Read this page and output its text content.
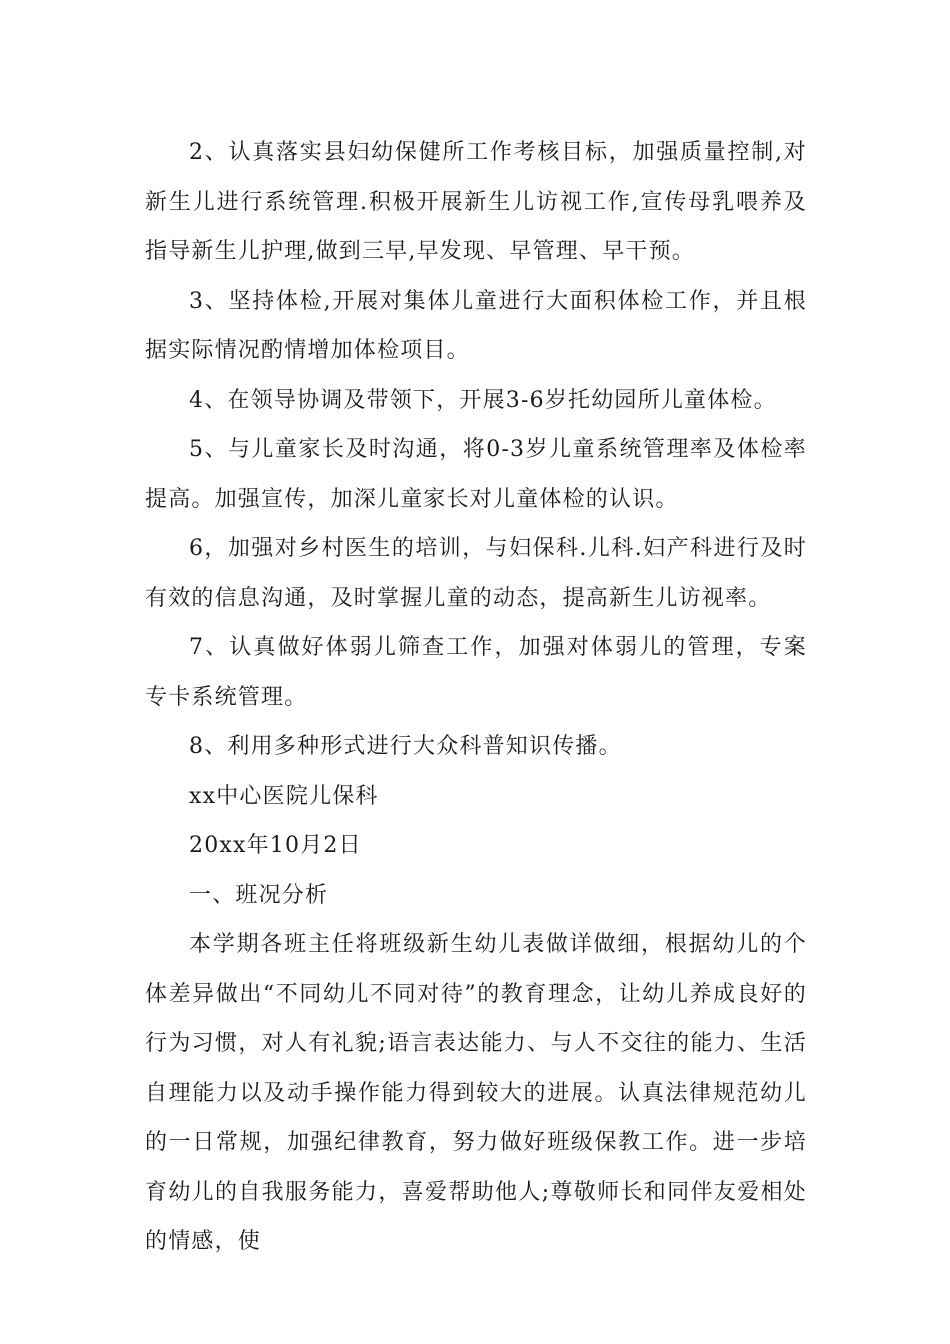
2、认真落实县妇幼保健所工作考核目标，加强质量控制,对新生儿进行系统管理.积极开展新生儿访视工作,宣传母乳喂养及指导新生儿护理,做到三早,早发现、早管理、早干预。

3、坚持体检,开展对集体儿童进行大面积体检工作，并且根据实际情况酌情增加体检项目。

4、在领导协调及带领下，开展3-6岁托幼园所儿童体检。

5、与儿童家长及时沟通，将0-3岁儿童系统管理率及体检率提高。加强宣传，加深儿童家长对儿童体检的认识。

6，加强对乡村医生的培训，与妇保科.儿科.妇产科进行及时有效的信息沟通，及时掌握儿童的动态，提高新生儿访视率。

7、认真做好体弱儿筛查工作，加强对体弱儿的管理，专案专卡系统管理。

8、利用多种形式进行大众科普知识传播。

xx中心医院儿保科

20xx年10月2日

一、班况分析

本学期各班主任将班级新生幼儿表做详做细，根据幼儿的个体差异做出“不同幼儿不同对待”的教育理念，让幼儿养成良好的行为习惯，对人有礼貌;语言表达能力、与人不交往的能力、生活自理能力以及动手操作能力得到较大的进展。认真法律规范幼儿的一日常规，加强纪律教育，努力做好班级保教工作。进一步培育幼儿的自我服务能力，喜爱帮助他人;尊敬师长和同伴友爱相处的情感，使
